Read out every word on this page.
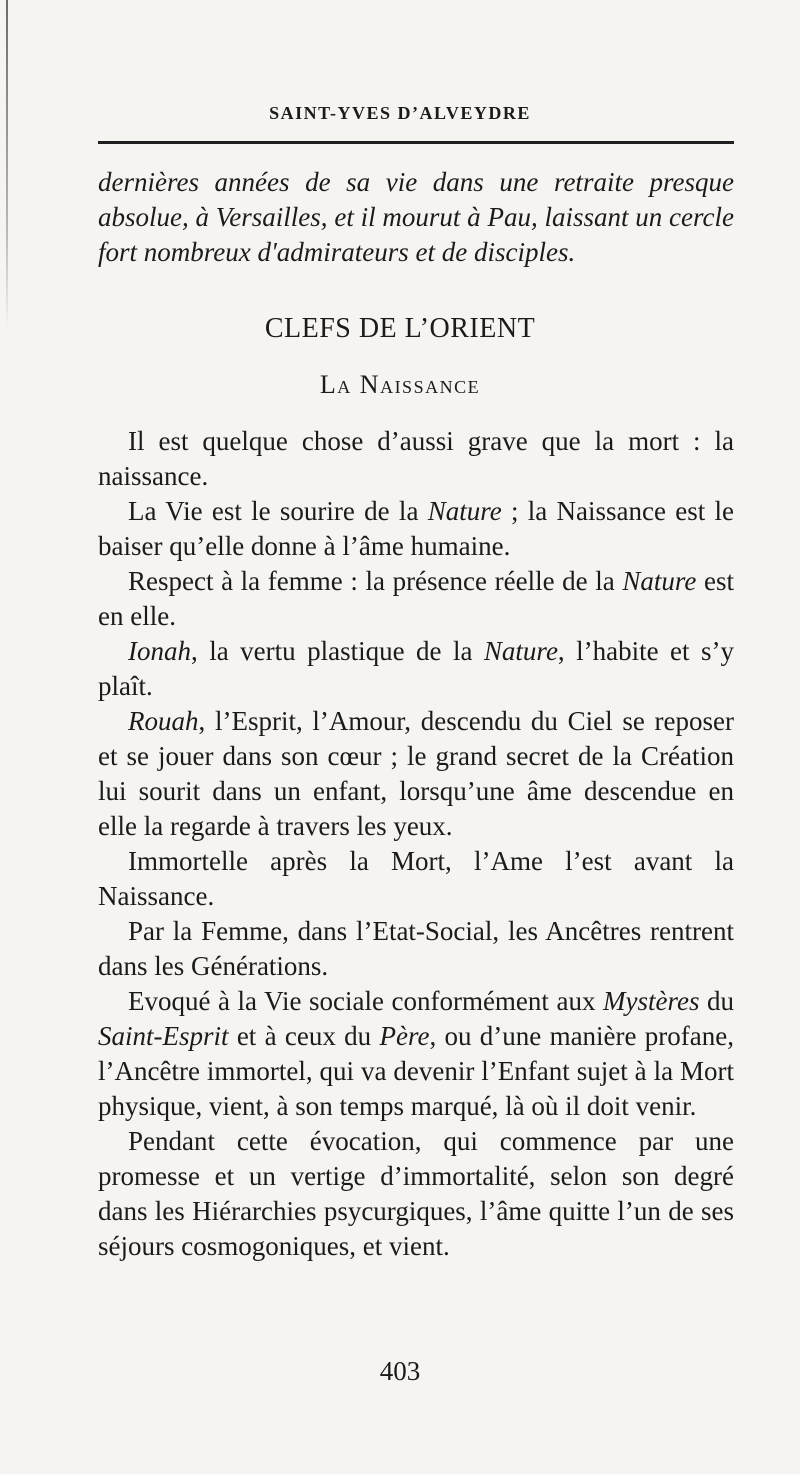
SAINT-YVES D’ALVEYDRE
dernières années de sa vie dans une retraite presque absolue, à Versailles, et il mourut à Pau, laissant un cercle fort nombreux d'admirateurs et de disciples.
CLEFS DE L’ORIENT
La Naissance

Il est quelque chose d’aussi grave que la mort : la naissance.

La Vie est le sourire de la Nature ; la Naissance est le baiser qu’elle donne à l’âme humaine.

Respect à la femme : la présence réelle de la Nature est en elle.

Ionah, la vertu plastique de la Nature, l’habite et s’y plaît.

Rouah, l’Esprit, l’Amour, descendu du Ciel se reposer et se jouer dans son cœur ; le grand secret de la Création lui sourit dans un enfant, lorsqu’une âme descendue en elle la regarde à travers les yeux.

Immortelle après la Mort, l’Ame l’est avant la Naissance.

Par la Femme, dans l’Etat-Social, les Ancêtres rentrent dans les Générations.

Evoqué à la Vie sociale conformément aux Mystères du Saint-Esprit et à ceux du Père, ou d’une manière profane, l’Ancêtre immortel, qui va devenir l’Enfant sujet à la Mort physique, vient, à son temps marqué, là où il doit venir.

Pendant cette évocation, qui commence par une promesse et un vertige d’immortalité, selon son degré dans les Hiérarchies psycurgiques, l’âme quitte l’un de ses séjours cosmogoniques, et vient.

403
